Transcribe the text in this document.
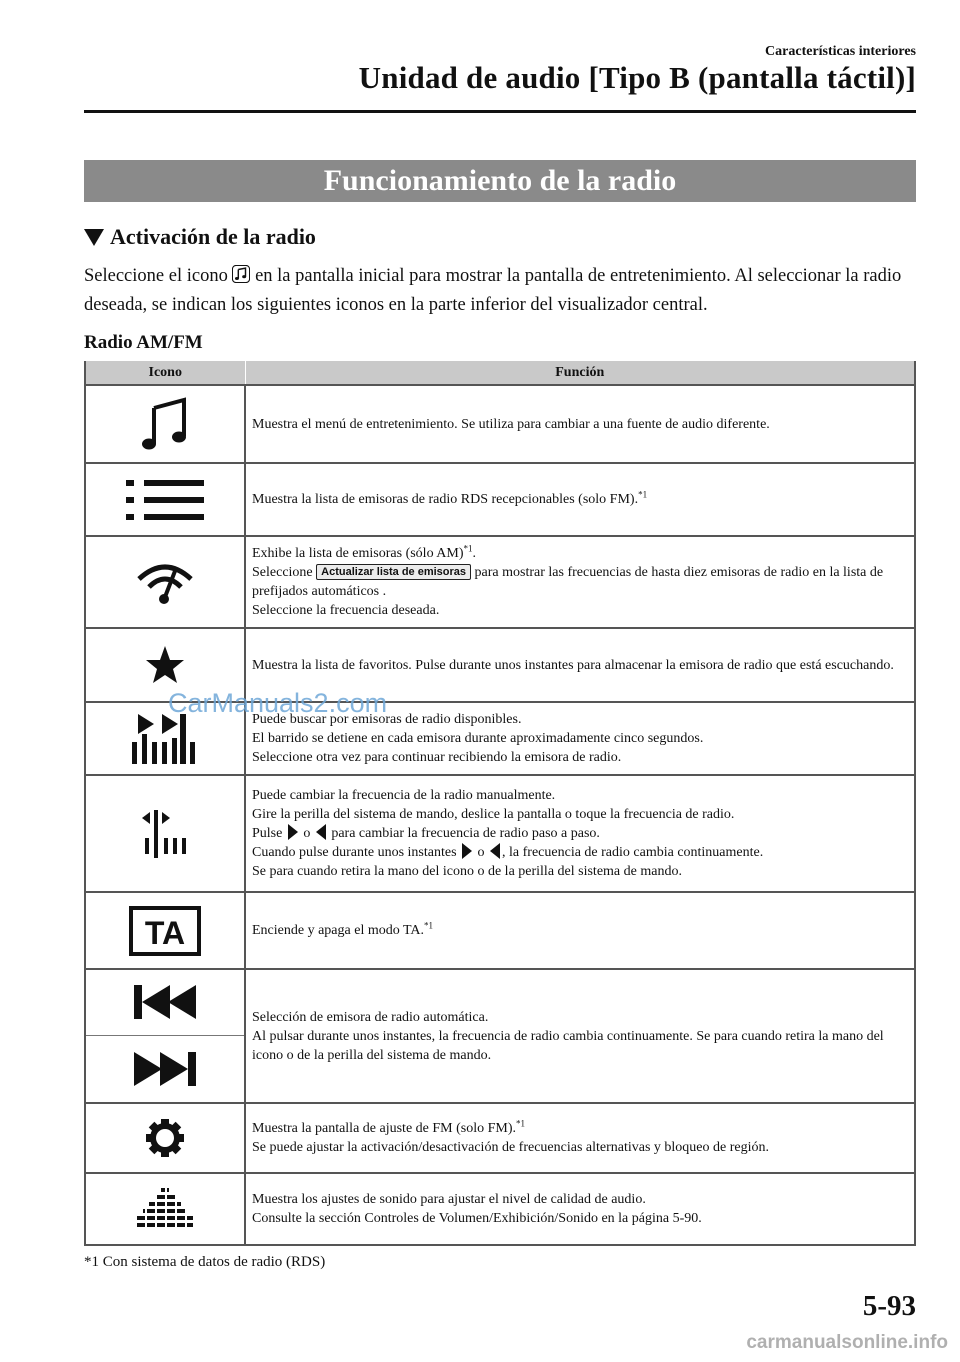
Características interiores
Unidad de audio [Tipo B (pantalla táctil)]
Funcionamiento de la radio
Activación de la radio
Seleccione el icono  en la pantalla inicial para mostrar la pantalla de entretenimiento. Al seleccionar la radio deseada, se indican los siguientes iconos en la parte inferior del visualizador central.
Radio AM/FM
Icono	Función

	Muestra el menú de entretenimiento. Se utiliza para cambiar a una fuente de audio diferente.

	Muestra la lista de emisoras de radio RDS recepcionables (solo FM).$^{*1}$

Exhibe la lista de emisoras (sólo AM)$^{*1}$.
Seleccione Actualizar lista de emisoras para mostrar las frecuencias de hasta diez emisoras de radio en la lista de prefijados automáticos .
Seleccione la frecuencia deseada.

	Muestra la lista de favoritos. Pulse durante unos instantes para almacenar la emisora de radio que está escuchando.

Puede buscar por emisoras de radio disponibles.
El barrido se detiene en cada emisora durante aproximadamente cinco segundos.
Seleccione otra vez para continuar recibiendo la emisora de radio.

Puede cambiar la frecuencia de la radio manualmente.
Gire la perilla del sistema de mando, deslice la pantalla o toque la frecuencia de radio.
Pulse  o  para cambiar la frecuencia de radio paso a paso.
Cuando pulse durante unos instantes  o , la frecuencia de radio cambia continuamente.
Se para cuando retira la mano del icono o de la perilla del sistema de mando.

TA	Enciende y apaga el modo TA.$^{*1}$

Selección de emisora de radio automática.
Al pulsar durante unos instantes, la frecuencia de radio cambia continuamente. Se para cuando retira la mano del icono o de la perilla del sistema de mando.

Muestra la pantalla de ajuste de FM (solo FM).$^{*1}$
Se puede ajustar la activación/desactivación de frecuencias alternativas y bloqueo de región.

Muestra los ajustes de sonido para ajustar el nivel de calidad de audio.
Consulte la sección Controles de Volumen/Exhibición/Sonido en la página 5-90.
CarManuals2.com
*1 Con sistema de datos de radio (RDS)
5-93
carmanualsonline.info
